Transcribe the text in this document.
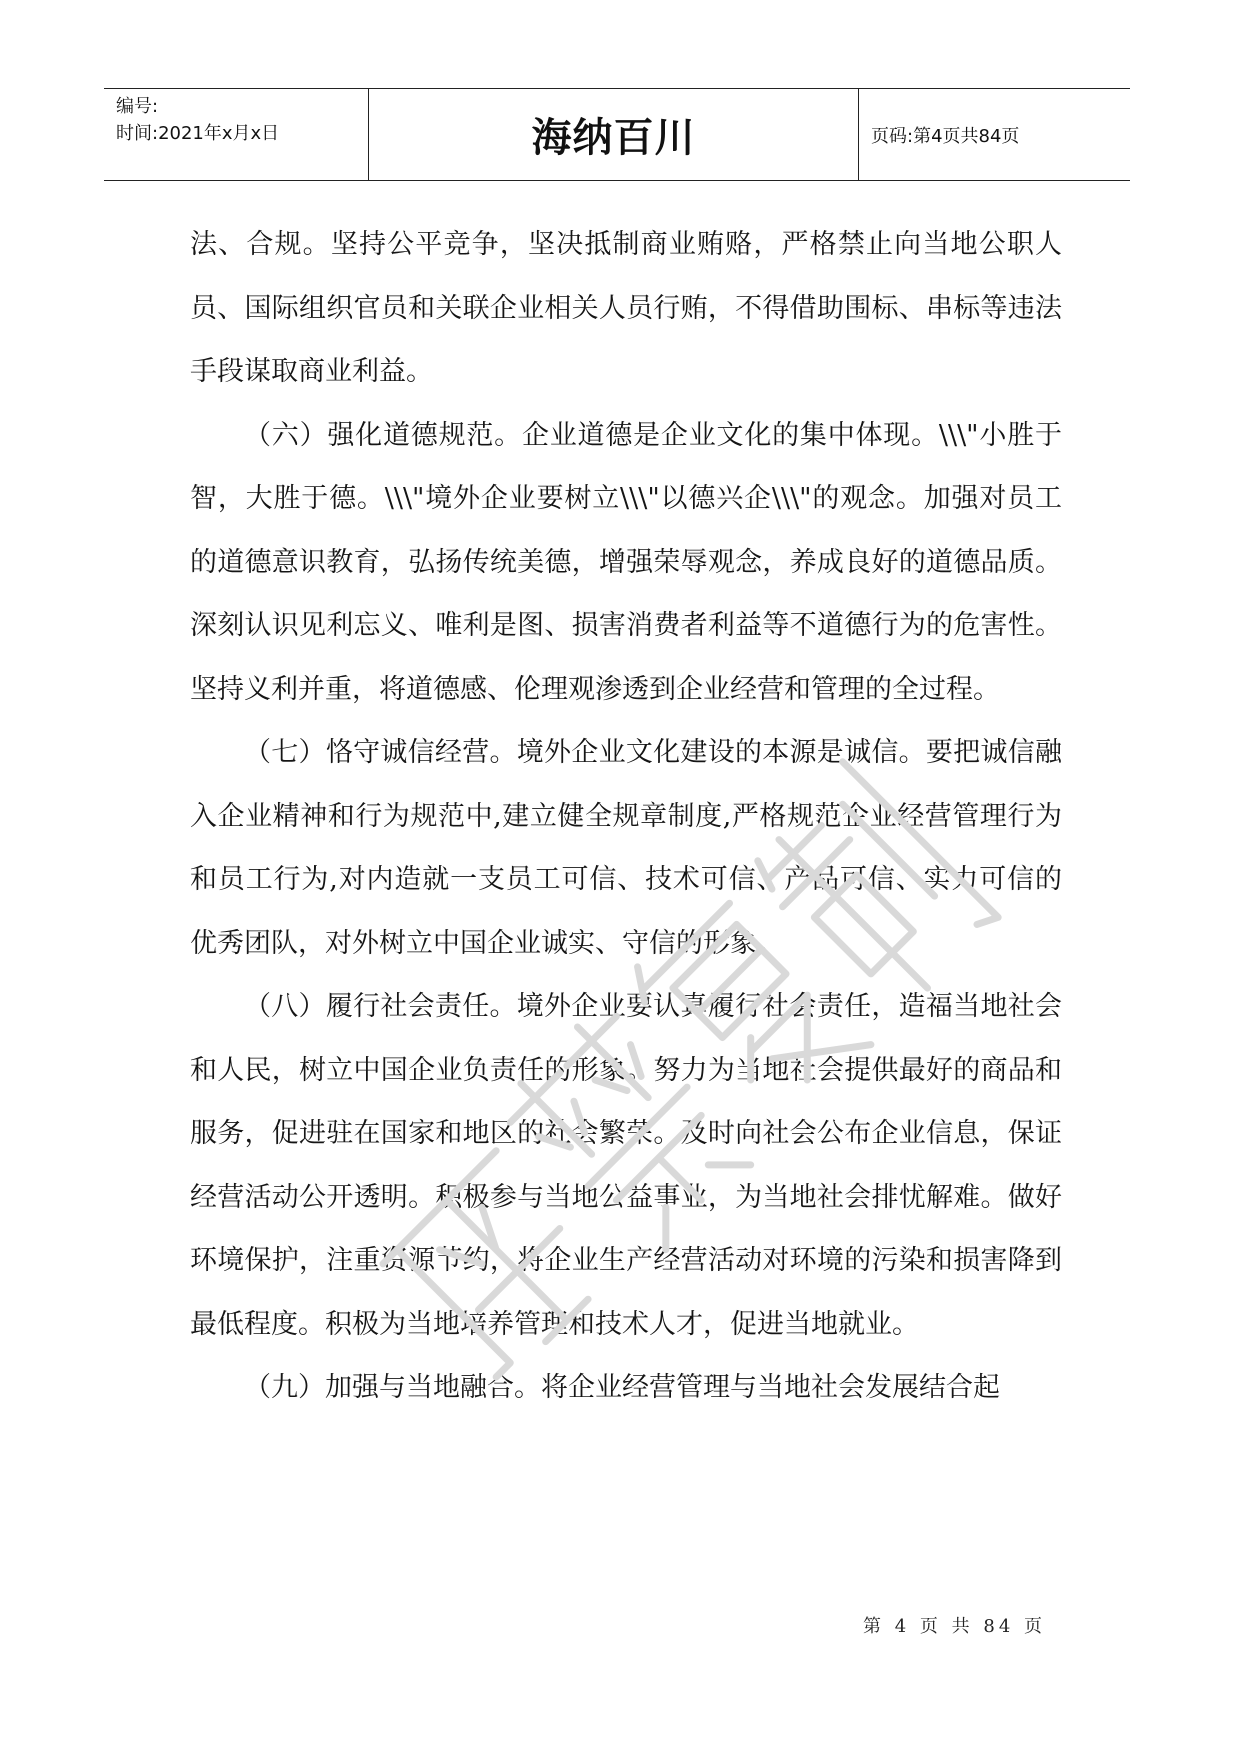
编号:
时间:2021年x月x日	海纳百川	页码:第4页共84页

法、合规。坚持公平竞争，坚决抵制商业贿赂，严格禁止向当地公职人员、国际组织官员和关联企业相关人员行贿，不得借助围标、串标等违法手段谋取商业利益。

（六）强化道德规范。企业道德是企业文化的集中体现。\\\"小胜于智，大胜于德。\\\"境外企业要树立\\\"以德兴企\\\"的观念。加强对员工的道德意识教育，弘扬传统美德，增强荣辱观念，养成良好的道德品质。深刻认识见利忘义、唯利是图、损害消费者利益等不道德行为的危害性。坚持义利并重，将道德感、伦理观渗透到企业经营和管理的全过程。

（七）恪守诚信经营。境外企业文化建设的本源是诚信。要把诚信融入企业精神和行为规范中,建立健全规章制度,严格规范企业经营管理行为和员工行为,对内造就一支员工可信、技术可信、产品可信、实力可信的优秀团队，对外树立中国企业诚实、守信的形象。

（八）履行社会责任。境外企业要认真履行社会责任，造福当地社会和人民，树立中国企业负责任的形象。努力为当地社会提供最好的商品和服务，促进驻在国家和地区的社会繁荣。及时向社会公布企业信息，保证经营活动公开透明。积极参与当地公益事业，为当地社会排忧解难。做好环境保护，注重资源节约，将企业生产经营活动对环境的污染和损害降到最低程度。积极为当地培养管理和技术人才，促进当地就业。

（九）加强与当地融合。将企业经营管理与当地社会发展结合起

第 4 页 共 84 页
